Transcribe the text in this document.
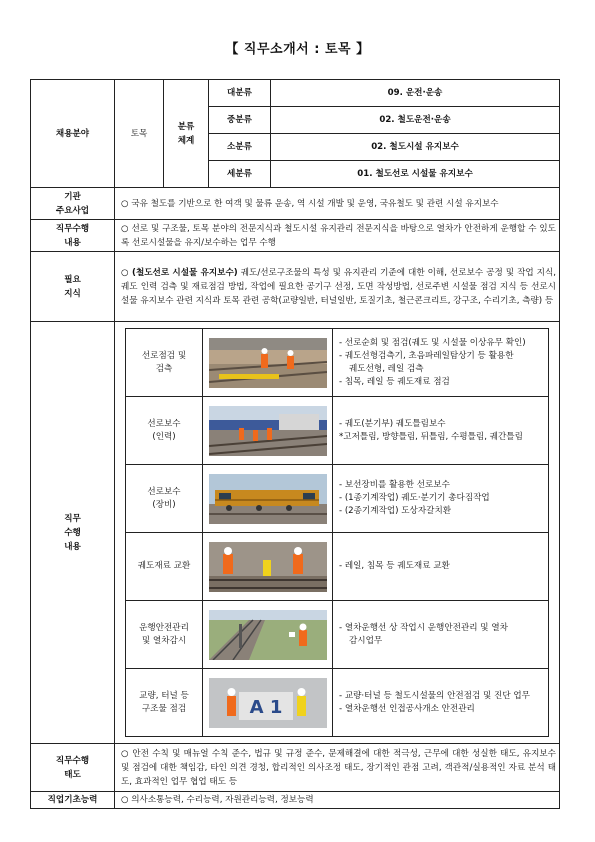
【 직무소개서 : 토목 】
채용분야	토목	분류
체계	대분류	09. 운전·운송
중분류	02. 철도운전·운송
소분류	02. 철도시설 유지보수
세분류	01. 철도선로 시설물 유지보수
기관
주요사업	○ 국유 철도를 기반으로 한 여객 및 물류 운송, 역 시설 개발 및 운영, 국유철도 및 관련 시설 유지보수
직무수행
내용	○ 선로 및 구조물, 토목 분야의 전문지식과 철도시설 유지관리 전문지식을 바탕으로 열차가 안전하게 운행할 수 있도록 선로시설물을 유지/보수하는 업무 수행
필요
지식	○ (철도선로 시설물 유지보수) 궤도/선로구조물의 특성 및 유지관리 기준에 대한 이해, 선로보수 공정 및 작업 지식, 궤도 인력 검측 및 재료점검 방법, 작업에 필요한 공기구 선정, 도면 작성방법, 선로주변 시설물 점검 지식 등 선로시설물 유지보수 관련 지식과 토목 관련 공학(교량일반, 터널일반, 토질기초, 철근콘크리트, 강구조, 수리기초, 측량) 등
직무
수행
내용	
선로점검 및
검측	

- 선로순회 및 점검(궤도 및 시설물 이상유무 확인)
- 궤도선형검측기, 초음파레일탐상기 등 활용한
궤도선형, 레일 검측
- 침목, 레일 등 궤도재료 점검

선로보수
(인력)	

- 궤도(분기부) 궤도틀림보수
*고저틀림, 방향틀림, 뒤틀림, 수평틀림, 궤간틀림

선로보수
(장비)	

- 보선장비를 활용한 선로보수
- (1종기계작업) 궤도·분기기 총다짐작업
- (2종기계작업) 도상자갈치환

궤도재료 교환		- 레일, 침목 등 궤도재료 교환

운행안전관리
및 열차감시	

- 열차운행선 상 작업시 운행안전관리 및 열차
감시업무

교량, 터널 등
구조물 점검	A 1

- 교량·터널 등 철도시설물의 안전점검 및 진단 업무
- 열차운행선 인접공사개소 안전관리

직무수행
태도	○ 안전 수칙 및 매뉴얼 수칙 준수, 법규 및 규정 준수, 문제해결에 대한 적극성, 근무에 대한 성실한 태도, 유지보수 및 점검에 대한 책임감, 타인 의견 경청, 합리적인 의사조정 태도, 장기적인 관점 고려, 객관적/실용적인 자료 분석 태도, 효과적인 업무 협업 태도 등
직업기초능력	○ 의사소통능력, 수리능력, 자원관리능력, 정보능력
